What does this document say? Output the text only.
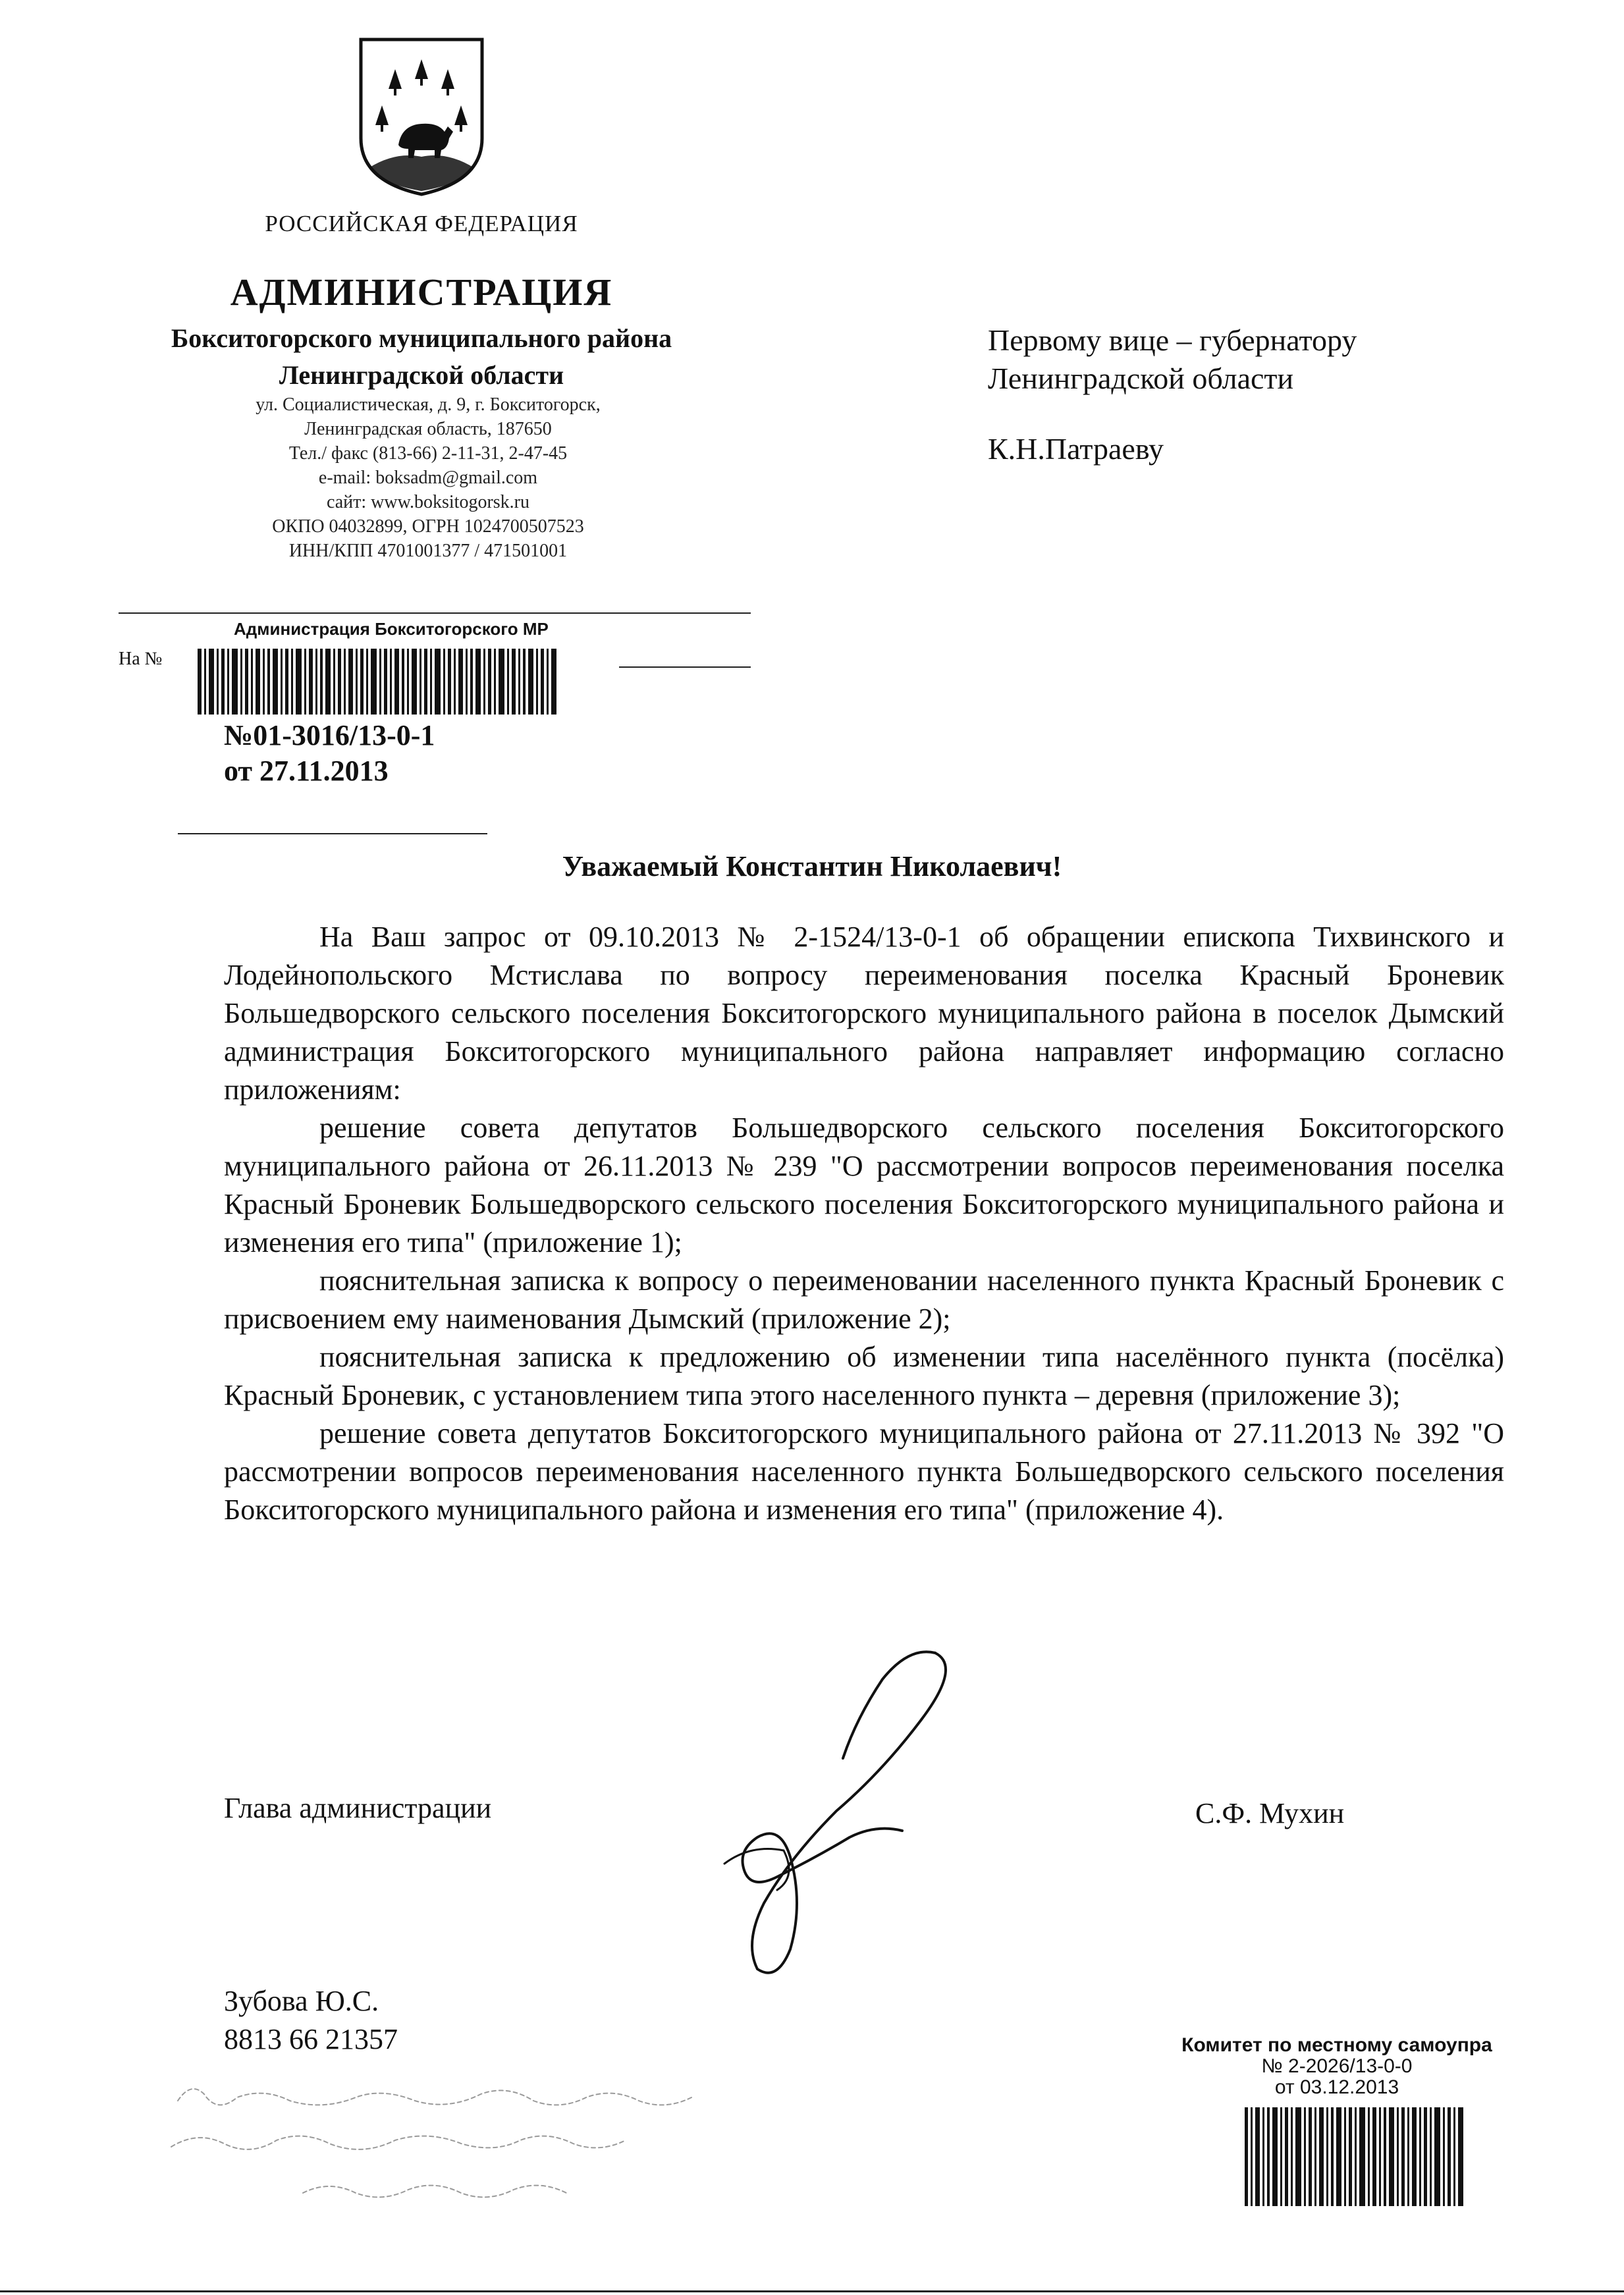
РОССИЙСКАЯ ФЕДЕРАЦИЯ
АДМИНИСТРАЦИЯ
Бокситогорского муниципального района
Ленинградской области
ул. Социалистическая, д. 9, г. Бокситогорск,
Ленинградская область, 187650
Тел./ факс (813-66) 2-11-31, 2-47-45
e-mail: boksadm@gmail.com
сайт: www.boksitogorsk.ru
ОКПО 04032899, ОГРН 1024700507523
ИНН/КПП 4701001377 / 471501001
На №
Администрация Бокситогорского МР
№01-3016/13-0-1
от 27.11.2013
Первому вице – губернатору
Ленинградской области
К.Н.Патраеву
Уважаемый Константин Николаевич!

На Ваш запрос от 09.10.2013 № 2-1524/13-0-1 об обращении епископа Тихвинского и Лодейнопольского Мстислава по вопросу переименования поселка Красный Броневик Большедворского сельского поселения Бокситогорского муниципального района в поселок Дымский администрация Бокситогорского муниципального района направляет информацию согласно приложениям:

решение совета депутатов Большедворского сельского поселения Бокситогорского муниципального района от 26.11.2013 № 239 "О рассмотрении вопросов переименования поселка Красный Броневик Большедворского сельского поселения Бокситогорского муниципального района и изменения его типа" (приложение 1);

пояснительная записка к вопросу о переименовании населенного пункта Красный Броневик с присвоением ему наименования Дымский (приложение 2);

пояснительная записка к предложению об изменении типа населённого пункта (посёлка) Красный Броневик, с установлением типа этого населенного пункта – деревня (приложение 3);

решение совета депутатов Бокситогорского муниципального района от 27.11.2013 № 392 "О рассмотрении вопросов переименования населенного пункта Большедворского сельского поселения Бокситогорского муниципального района и изменения его типа" (приложение 4).

Глава администрации	С.Ф. Мухин
Зубова Ю.С.
8813 66 21357	Комитет по местному самоупра
№ 2-2026/13-0-0
от 03.12.2013
